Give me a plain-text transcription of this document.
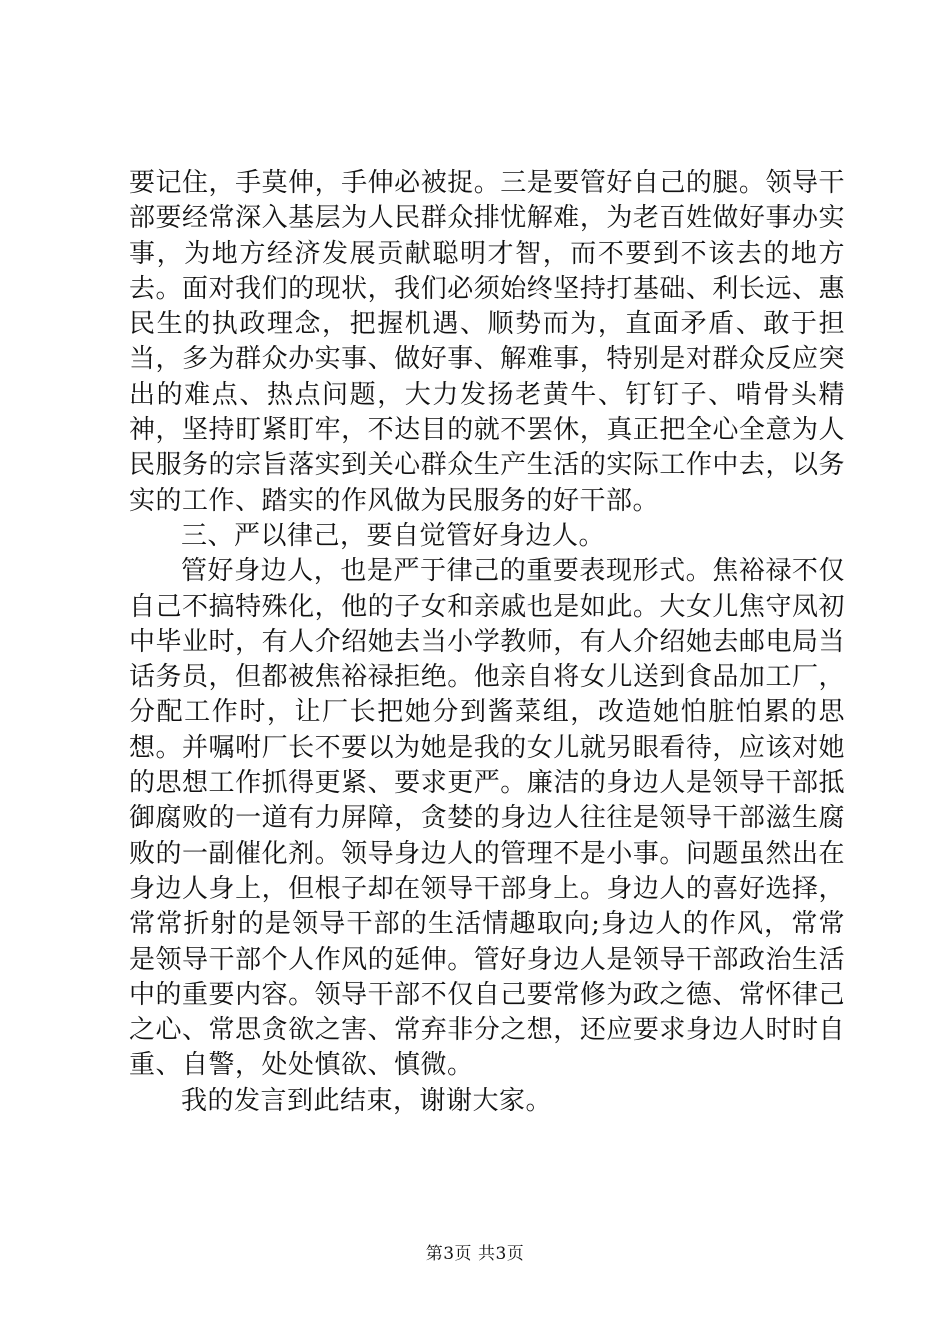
要记住，手莫伸，手伸必被捉。三是要管好自己的腿。领导干部要经常深入基层为人民群众排忧解难，为老百姓做好事办实事，为地方经济发展贡献聪明才智，而不要到不该去的地方去。面对我们的现状，我们必须始终坚持打基础、利长远、惠民生的执政理念，把握机遇、顺势而为，直面矛盾、敢于担当，多为群众办实事、做好事、解难事，特别是对群众反应突出的难点、热点问题，大力发扬老黄牛、钉钉子、啃骨头精神，坚持盯紧盯牢，不达目的就不罢休，真正把全心全意为人民服务的宗旨落实到关心群众生产生活的实际工作中去，以务实的工作、踏实的作风做为民服务的好干部。

三、严以律己，要自觉管好身边人。

管好身边人，也是严于律己的重要表现形式。焦裕禄不仅自己不搞特殊化，他的子女和亲戚也是如此。大女儿焦守凤初中毕业时，有人介绍她去当小学教师，有人介绍她去邮电局当话务员，但都被焦裕禄拒绝。他亲自将女儿送到食品加工厂，分配工作时，让厂长把她分到酱菜组，改造她怕脏怕累的思想。并嘱咐厂长不要以为她是我的女儿就另眼看待，应该对她的思想工作抓得更紧、要求更严。廉洁的身边人是领导干部抵御腐败的一道有力屏障，贪婪的身边人往往是领导干部滋生腐败的一副催化剂。领导身边人的管理不是小事。问题虽然出在身边人身上，但根子却在领导干部身上。身边人的喜好选择，常常折射的是领导干部的生活情趣取向;身边人的作风，常常是领导干部个人作风的延伸。管好身边人是领导干部政治生活中的重要内容。领导干部不仅自己要常修为政之德、常怀律己之心、常思贪欲之害、常弃非分之想，还应要求身边人时时自重、自警，处处慎欲、慎微。

我的发言到此结束，谢谢大家。

第3页 共3页
